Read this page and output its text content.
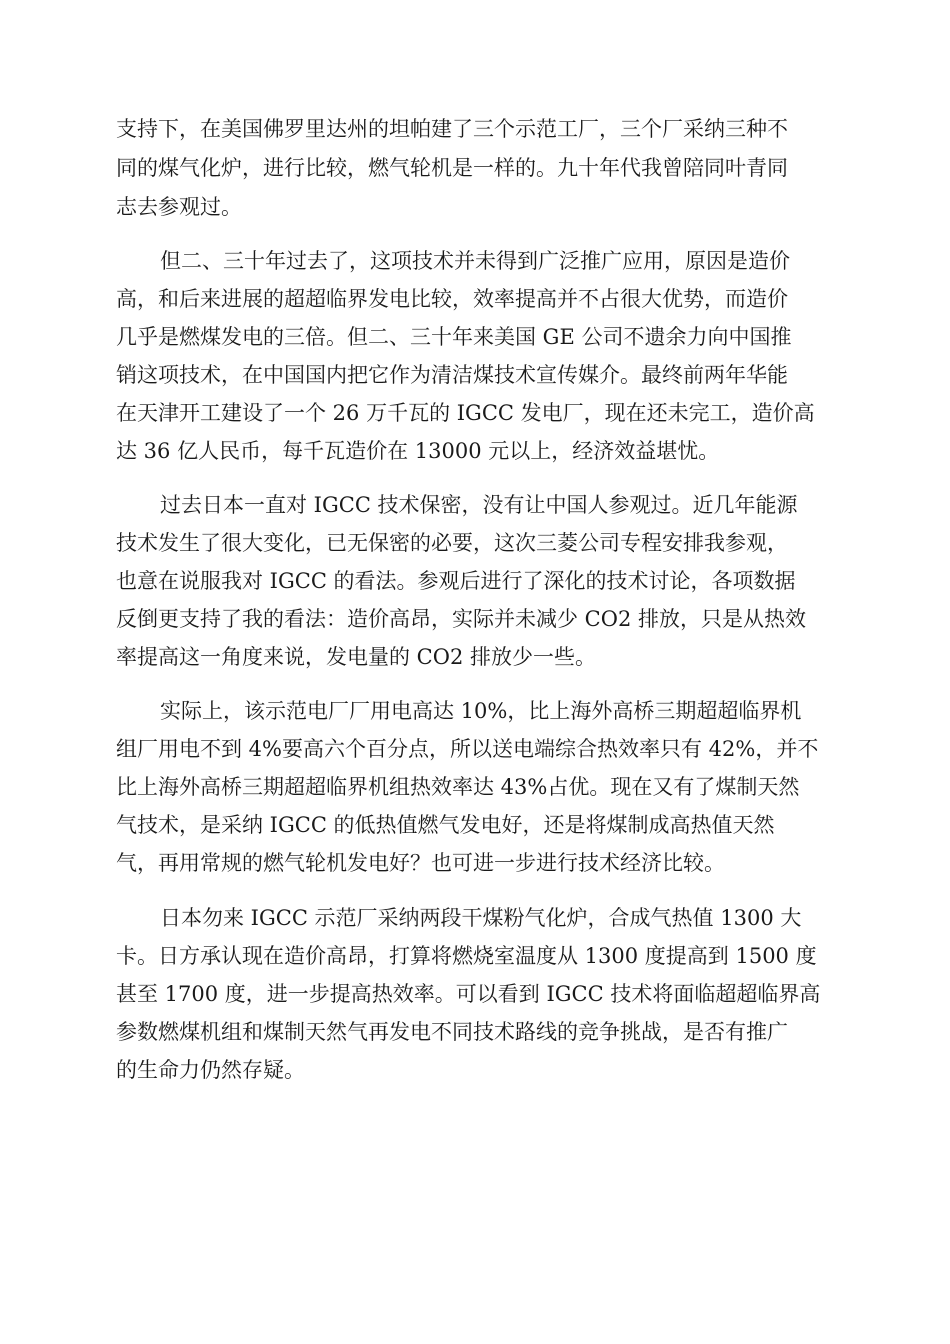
支持下，在美国佛罗里达州的坦帕建了三个示范工厂，三个厂采纳三种不

同的煤气化炉，进行比较，燃气轮机是一样的。九十年代我曾陪同叶青同

志去参观过。

但二、三十年过去了，这项技术并未得到广泛推广应用，原因是造价

高，和后来进展的超超临界发电比较，效率提高并不占很大优势，而造价

几乎是燃煤发电的三倍。但二、三十年来美国 GE 公司不遗余力向中国推

销这项技术，在中国国内把它作为清洁煤技术宣传媒介。最终前两年华能

在天津开工建设了一个 26 万千瓦的 IGCC 发电厂，现在还未完工，造价高

达 36 亿人民币，每千瓦造价在 13000 元以上，经济效益堪忧。

过去日本一直对 IGCC 技术保密，没有让中国人参观过。近几年能源

技术发生了很大变化，已无保密的必要，这次三菱公司专程安排我参观，

也意在说服我对 IGCC 的看法。参观后进行了深化的技术讨论，各项数据

反倒更支持了我的看法：造价高昂，实际并未减少 CO2 排放，只是从热效

率提高这一角度来说，发电量的 CO2 排放少一些。

实际上，该示范电厂厂用电高达 10%，比上海外高桥三期超超临界机

组厂用电不到 4%要高六个百分点，所以送电端综合热效率只有 42%，并不

比上海外高桥三期超超临界机组热效率达 43%占优。现在又有了煤制天然

气技术，是采纳 IGCC 的低热值燃气发电好，还是将煤制成高热值天然

气，再用常规的燃气轮机发电好？也可进一步进行技术经济比较。

日本勿来 IGCC 示范厂采纳两段干煤粉气化炉，合成气热值 1300 大

卡。日方承认现在造价高昂，打算将燃烧室温度从 1300 度提高到 1500 度

甚至 1700 度，进一步提高热效率。可以看到 IGCC 技术将面临超超临界高

参数燃煤机组和煤制天然气再发电不同技术路线的竞争挑战，是否有推广

的生命力仍然存疑。
